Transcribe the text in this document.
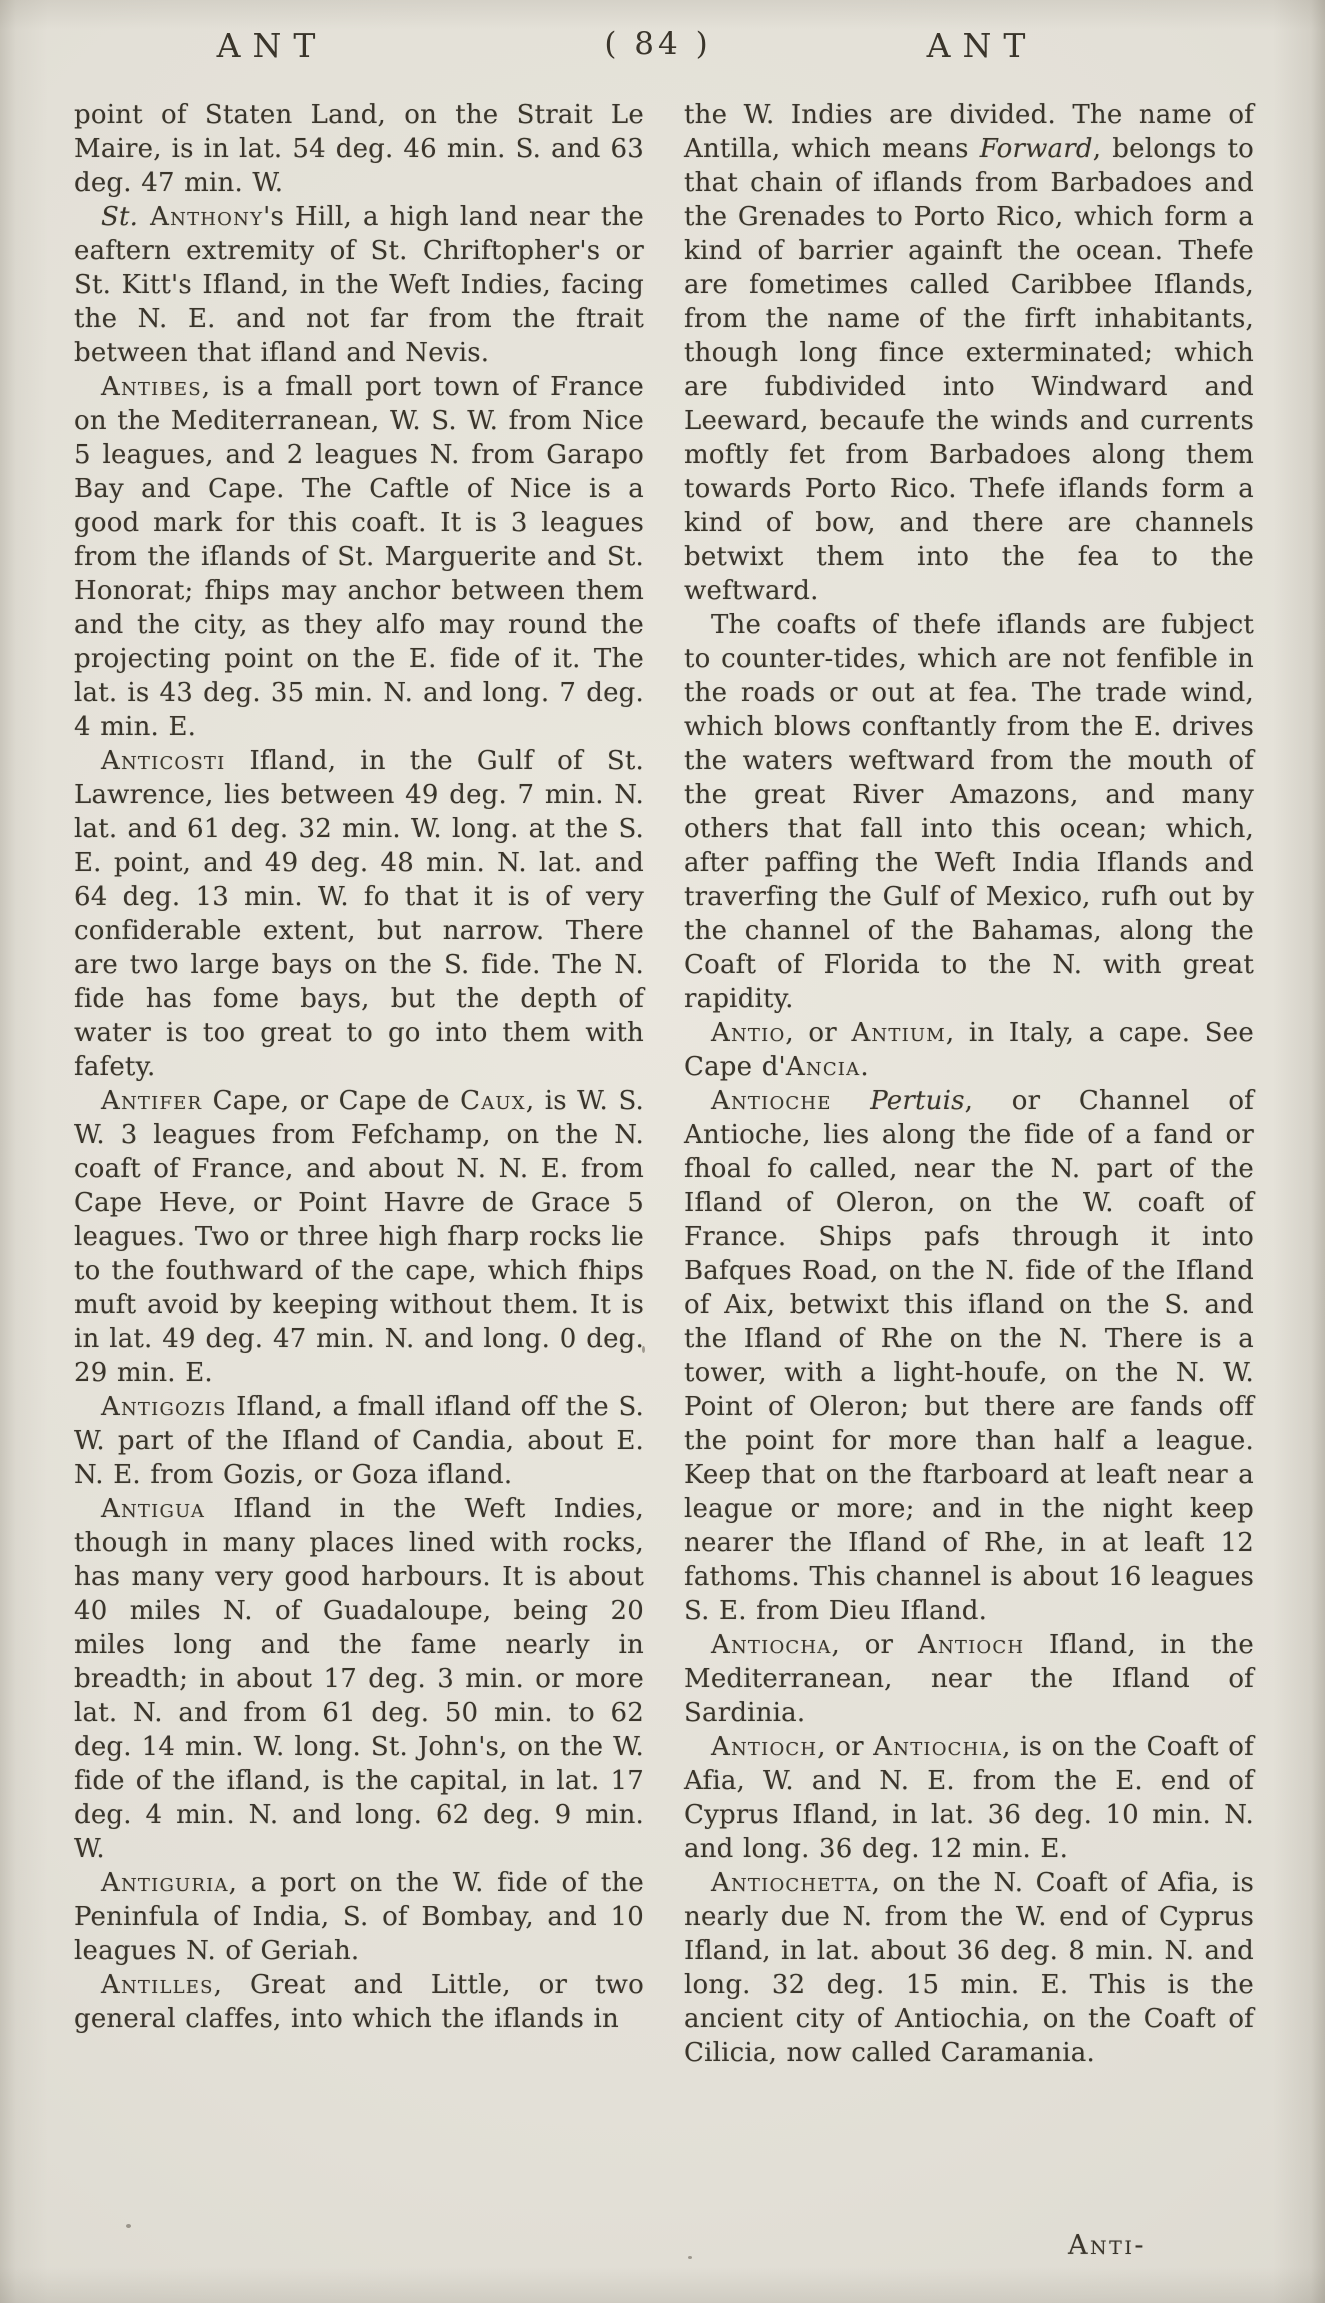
ANT	( 84 )	ANT
point of Staten Land, on the Strait Le Maire, is in lat. 54 deg. 46 min. S. and 63 deg. 47 min. W.
St. Anthony's Hill, a high land near the eaftern extremity of St. Chriftopher's or St. Kitt's Ifland, in the Weft Indies, facing the N. E. and not far from the ftrait between that ifland and Nevis.
Antibes, is a fmall port town of France on the Mediterranean, W. S. W. from Nice 5 leagues, and 2 leagues N. from Garapo Bay and Cape. The Caftle of Nice is a good mark for this coaft. It is 3 leagues from the iflands of St. Marguerite and St. Honorat; fhips may anchor between them and the city, as they alfo may round the projecting point on the E. fide of it. The lat. is 43 deg. 35 min. N. and long. 7 deg. 4 min. E.
Anticosti Ifland, in the Gulf of St. Lawrence, lies between 49 deg. 7 min. N. lat. and 61 deg. 32 min. W. long. at the S. E. point, and 49 deg. 48 min. N. lat. and 64 deg. 13 min. W. fo that it is of very confiderable extent, but narrow. There are two large bays on the S. fide. The N. fide has fome bays, but the depth of water is too great to go into them with fafety.
Antifer Cape, or Cape de Caux, is W. S. W. 3 leagues from Fefchamp, on the N. coaft of France, and about N. N. E. from Cape Heve, or Point Havre de Grace 5 leagues. Two or three high fharp rocks lie to the fouthward of the cape, which fhips muft avoid by keeping without them. It is in lat. 49 deg. 47 min. N. and long. 0 deg. 29 min. E.
Antigozis Ifland, a fmall ifland off the S. W. part of the Ifland of Candia, about E. N. E. from Gozis, or Goza ifland.
Antigua Ifland in the Weft Indies, though in many places lined with rocks, has many very good harbours. It is about 40 miles N. of Guadaloupe, being 20 miles long and the fame nearly in breadth; in about 17 deg. 3 min. or more lat. N. and from 61 deg. 50 min. to 62 deg. 14 min. W. long. St. John's, on the W. fide of the ifland, is the capital, in lat. 17 deg. 4 min. N. and long. 62 deg. 9 min. W.
Antiguria, a port on the W. fide of the Peninfula of India, S. of Bombay, and 10 leagues N. of Geriah.
Antilles, Great and Little, or two general claffes, into which the iflands in
the W. Indies are divided. The name of Antilla, which means Forward, belongs to that chain of iflands from Barbadoes and the Grenades to Porto Rico, which form a kind of barrier againft the ocean. Thefe are fometimes called Caribbee Iflands, from the name of the firft inhabitants, though long fince exterminated; which are fubdivided into Windward and Leeward, becaufe the winds and currents moftly fet from Barbadoes along them towards Porto Rico. Thefe iflands form a kind of bow, and there are channels betwixt them into the fea to the weftward.
The coafts of thefe iflands are fubject to counter-tides, which are not fenfible in the roads or out at fea. The trade wind, which blows conftantly from the E. drives the waters weftward from the mouth of the great River Amazons, and many others that fall into this ocean; which, after paffing the Weft India Iflands and traverfing the Gulf of Mexico, rufh out by the channel of the Bahamas, along the Coaft of Florida to the N. with great rapidity.
Antio, or Antium, in Italy, a cape. See Cape d'Ancia.
Antioche Pertuis, or Channel of Antioche, lies along the fide of a fand or fhoal fo called, near the N. part of the Ifland of Oleron, on the W. coaft of France. Ships pafs through it into Bafques Road, on the N. fide of the Ifland of Aix, betwixt this ifland on the S. and the Ifland of Rhe on the N. There is a tower, with a light-houfe, on the N. W. Point of Oleron; but there are fands off the point for more than half a league. Keep that on the ftarboard at leaft near a league or more; and in the night keep nearer the Ifland of Rhe, in at leaft 12 fathoms. This channel is about 16 leagues S. E. from Dieu Ifland.
Antiocha, or Antioch Ifland, in the Mediterranean, near the Ifland of Sardinia.
Antioch, or Antiochia, is on the Coaft of Afia, W. and N. E. from the E. end of Cyprus Ifland, in lat. 36 deg. 10 min. N. and long. 36 deg. 12 min. E.
Antiochetta, on the N. Coaft of Afia, is nearly due N. from the W. end of Cyprus Ifland, in lat. about 36 deg. 8 min. N. and long. 32 deg. 15 min. E. This is the ancient city of Antiochia, on the Coaft of Cilicia, now called Caramania.
Anti-
